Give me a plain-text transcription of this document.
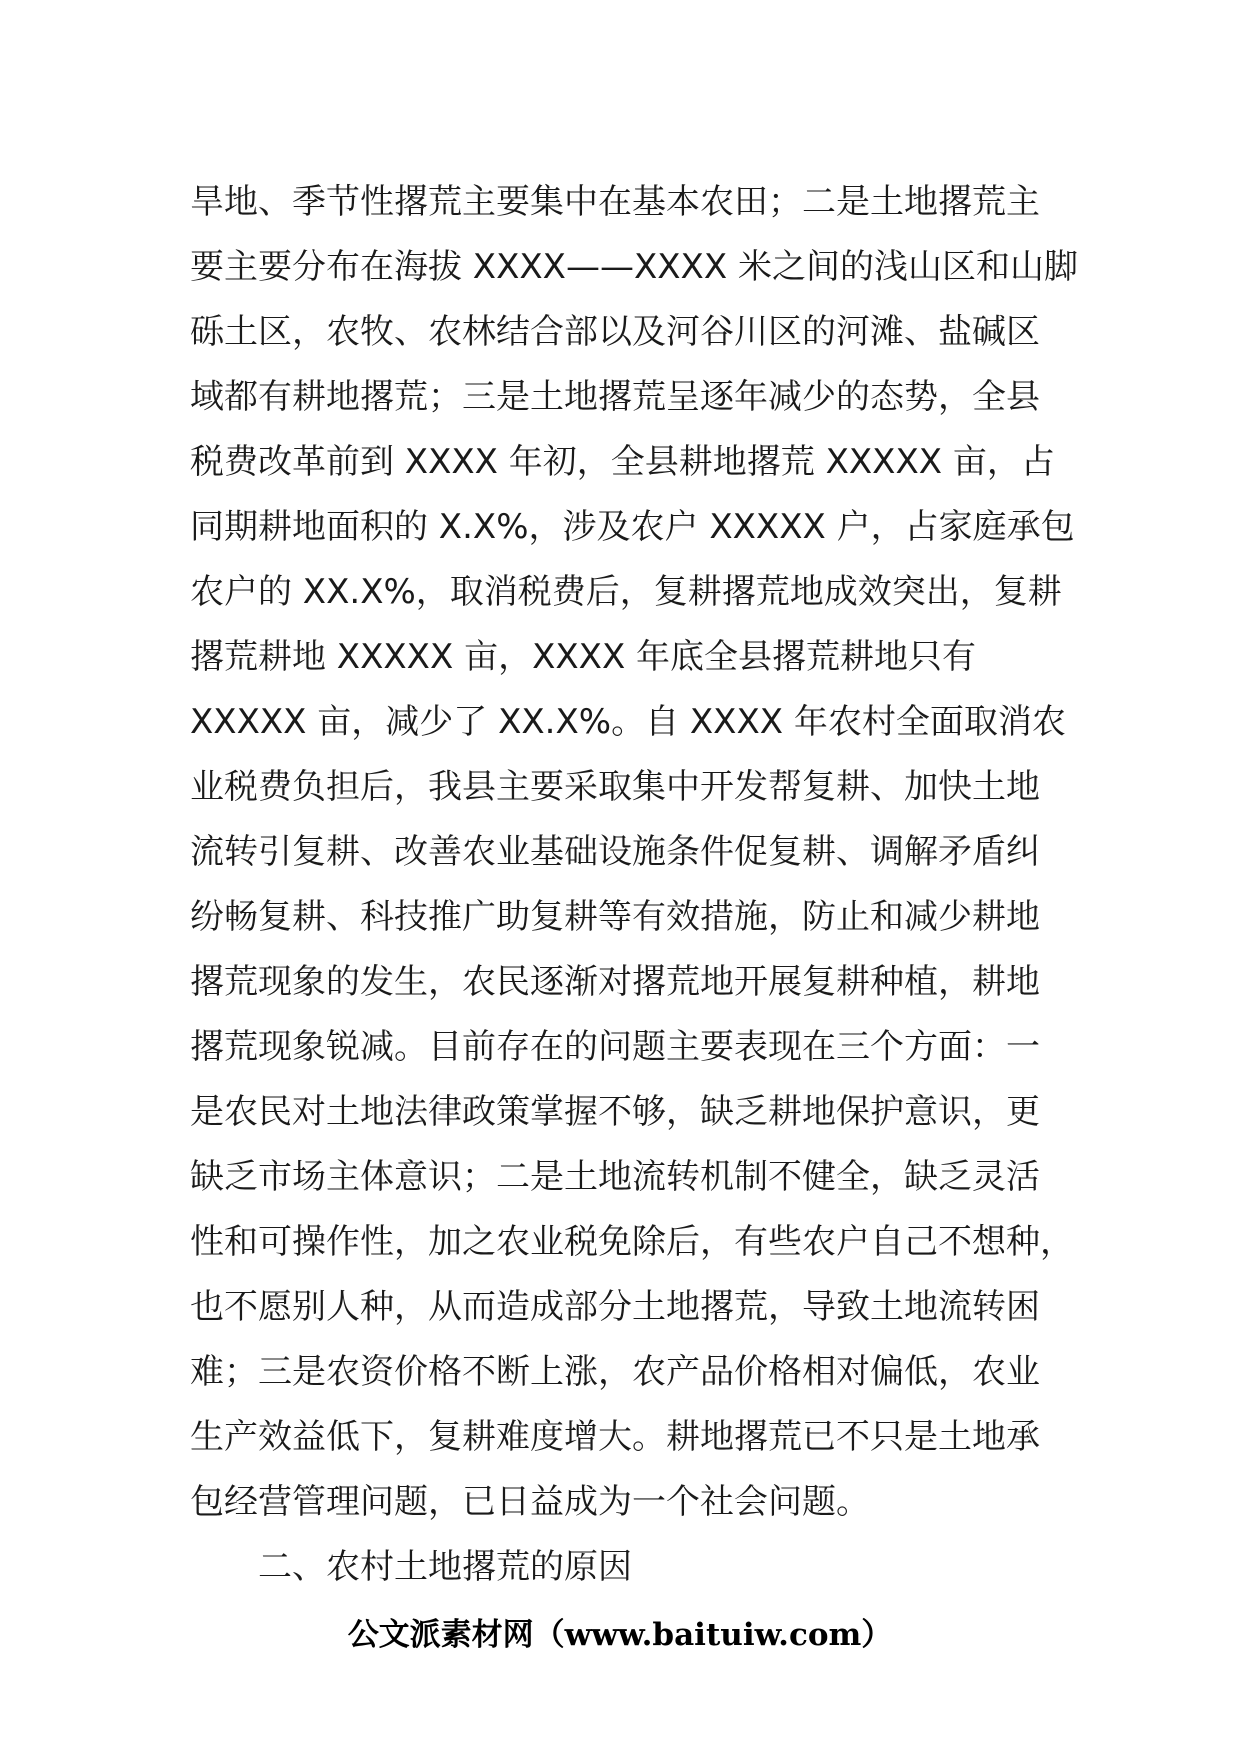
旱地、季节性撂荒主要集中在基本农田；二是土地撂荒主
要主要分布在海拔 XXXX——XXXX 米之间的浅山区和山脚
砾土区，农牧、农林结合部以及河谷川区的河滩、盐碱区
域都有耕地撂荒；三是土地撂荒呈逐年减少的态势，全县
税费改革前到 XXXX 年初，全县耕地撂荒 XXXXX 亩，占
同期耕地面积的 X.X%，涉及农户 XXXXX 户，占家庭承包
农户的 XX.X%，取消税费后，复耕撂荒地成效突出，复耕
撂荒耕地 XXXXX 亩，XXXX 年底全县撂荒耕地只有
XXXXX 亩，减少了 XX.X%。自 XXXX 年农村全面取消农
业税费负担后，我县主要采取集中开发帮复耕、加快土地
流转引复耕、改善农业基础设施条件促复耕、调解矛盾纠
纷畅复耕、科技推广助复耕等有效措施，防止和减少耕地
撂荒现象的发生，农民逐渐对撂荒地开展复耕种植，耕地
撂荒现象锐减。目前存在的问题主要表现在三个方面：一
是农民对土地法律政策掌握不够，缺乏耕地保护意识，更
缺乏市场主体意识；二是土地流转机制不健全，缺乏灵活
性和可操作性，加之农业税免除后，有些农户自己不想种，
也不愿别人种，从而造成部分土地撂荒，导致土地流转困
难；三是农资价格不断上涨，农产品价格相对偏低，农业
生产效益低下，复耕难度增大。耕地撂荒已不只是土地承
包经营管理问题，已日益成为一个社会问题。
二、农村土地撂荒的原因
公文派素材网（www.baituiw.com）
